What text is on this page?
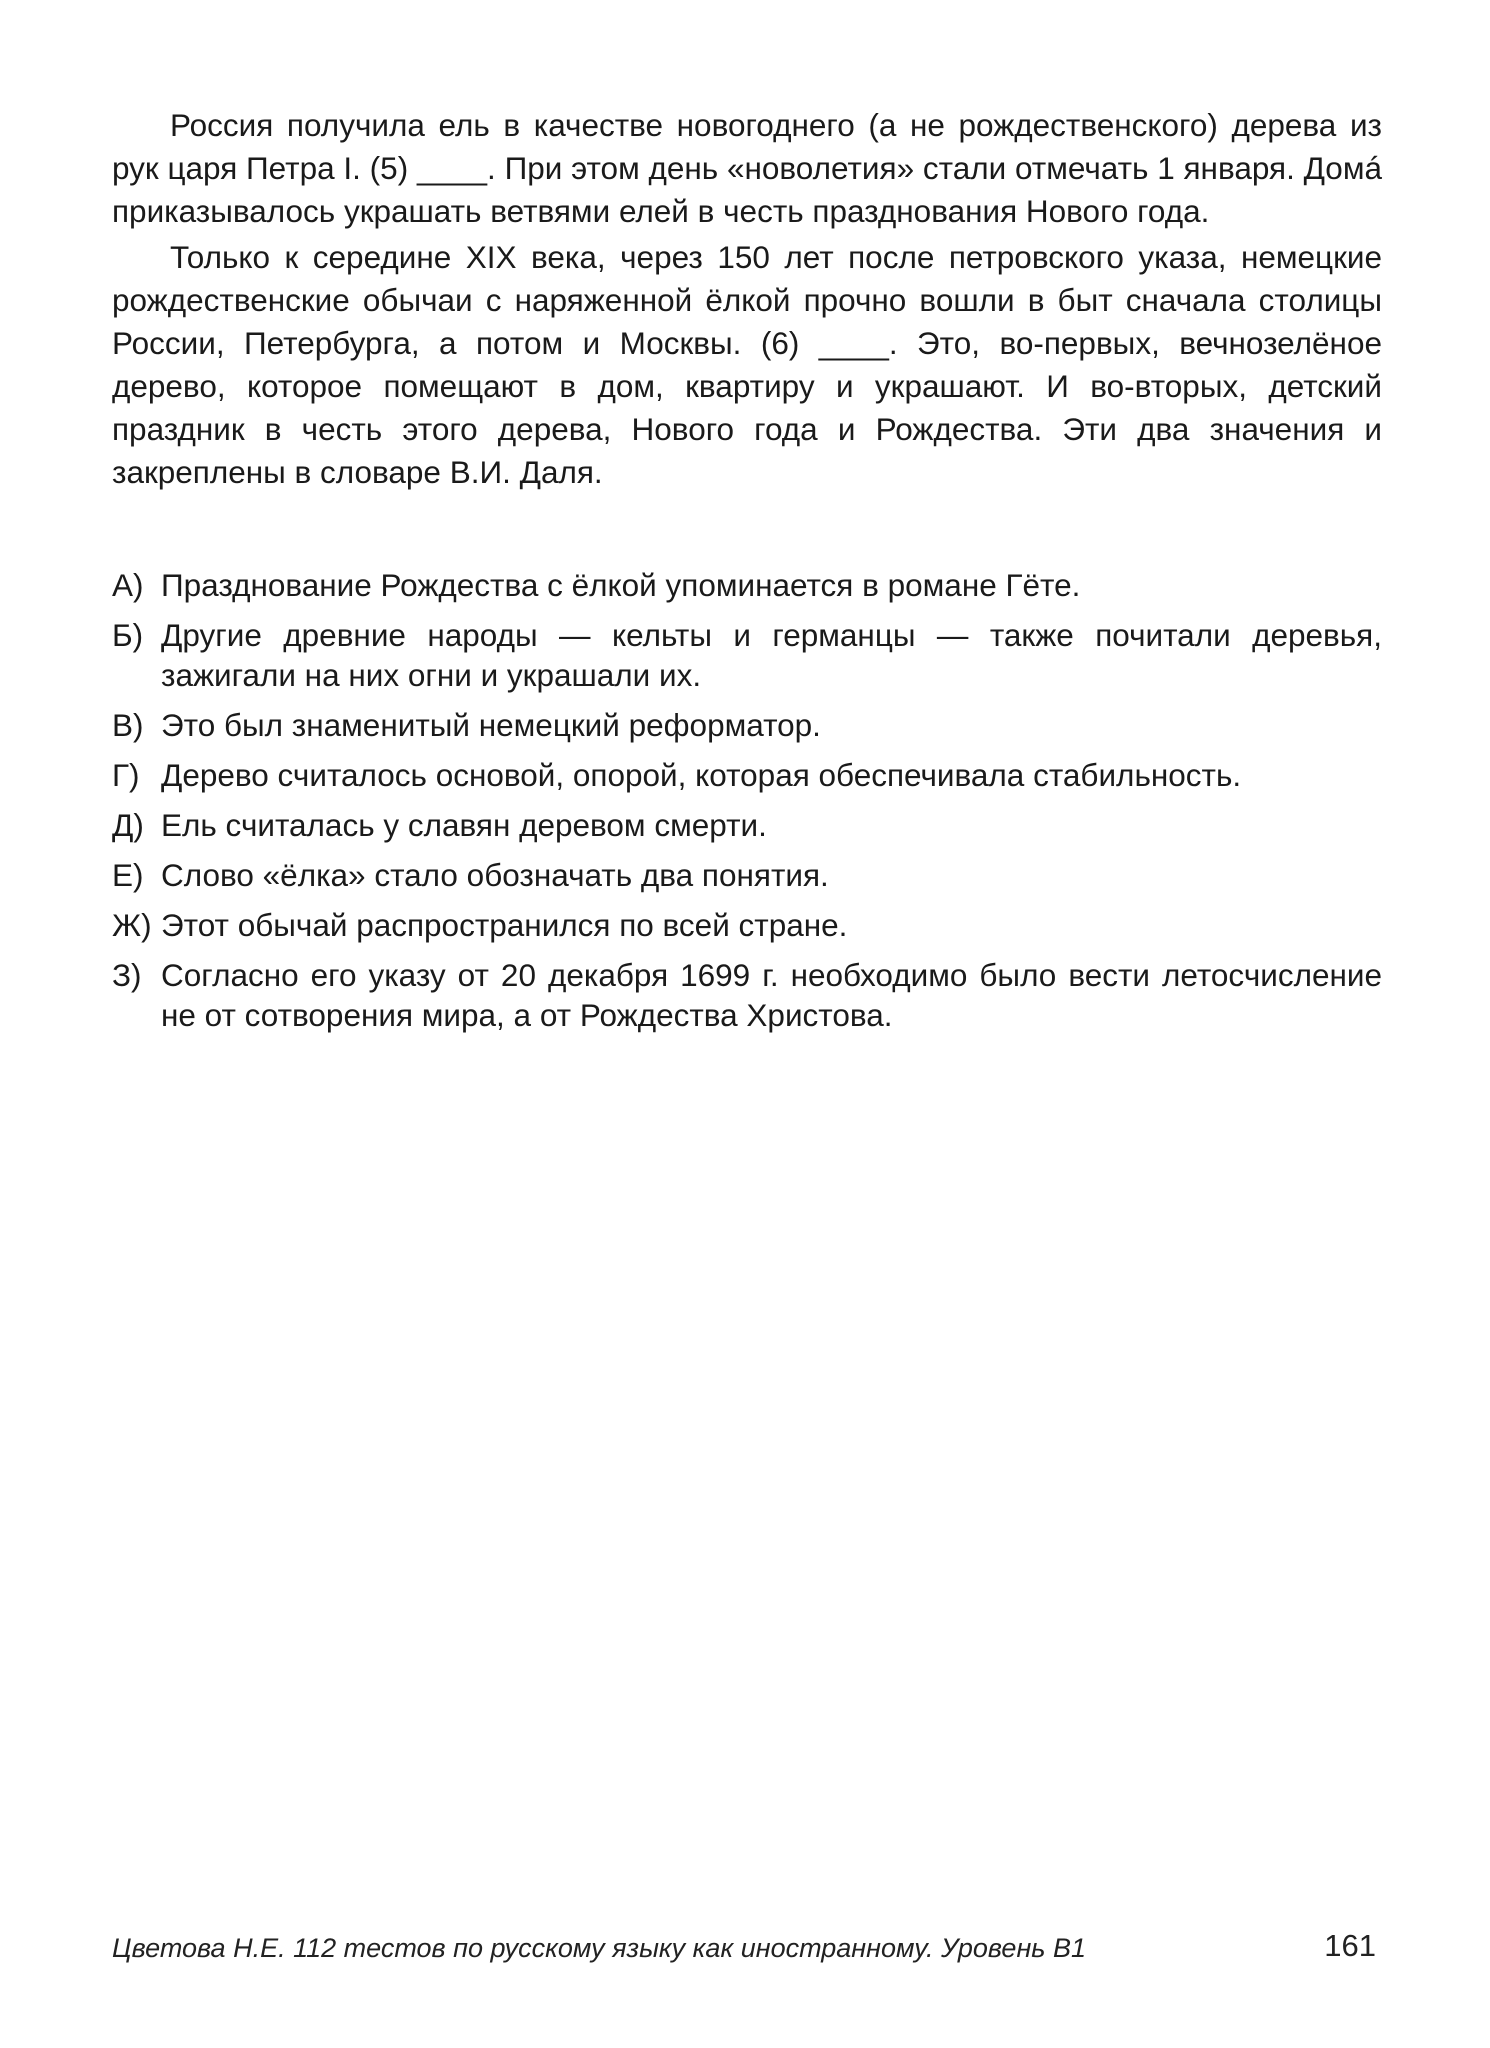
Россия получила ель в качестве новогоднего (а не рождественского) дерева из рук царя Петра I. (5) ____. При этом день «новолетия» стали отмечать 1 января. Домá приказывалось украшать ветвями елей в честь празднования Нового года.

Только к середине XIX века, через 150 лет после петровского указа, немецкие рождественские обычаи с наряженной ёлкой прочно вошли в быт сначала столицы России, Петербурга, а потом и Москвы. (6) ____. Это, во-первых, вечнозелёное дерево, которое помещают в дом, квартиру и украшают. И во-вторых, детский праздник в честь этого дерева, Нового года и Рождества. Эти два значения и закреплены в словаре В.И. Даля.

А) Празднование Рождества с ёлкой упоминается в романе Гёте.
Б) Другие древние народы — кельты и германцы — также почитали деревья, зажигали на них огни и украшали их.
В) Это был знаменитый немецкий реформатор.
Г) Дерево считалось основой, опорой, которая обеспечивала стабильность.
Д) Ель считалась у славян деревом смерти.
Е) Слово «ёлка» стало обозначать два понятия.
Ж) Этот обычай распространился по всей стране.
З) Согласно его указу от 20 декабря 1699 г. необходимо было вести летосчисление не от сотворения мира, а от Рождества Христова.
Цветова Н.Е. 112 тестов по русскому языку как иностранному. Уровень В1	161
